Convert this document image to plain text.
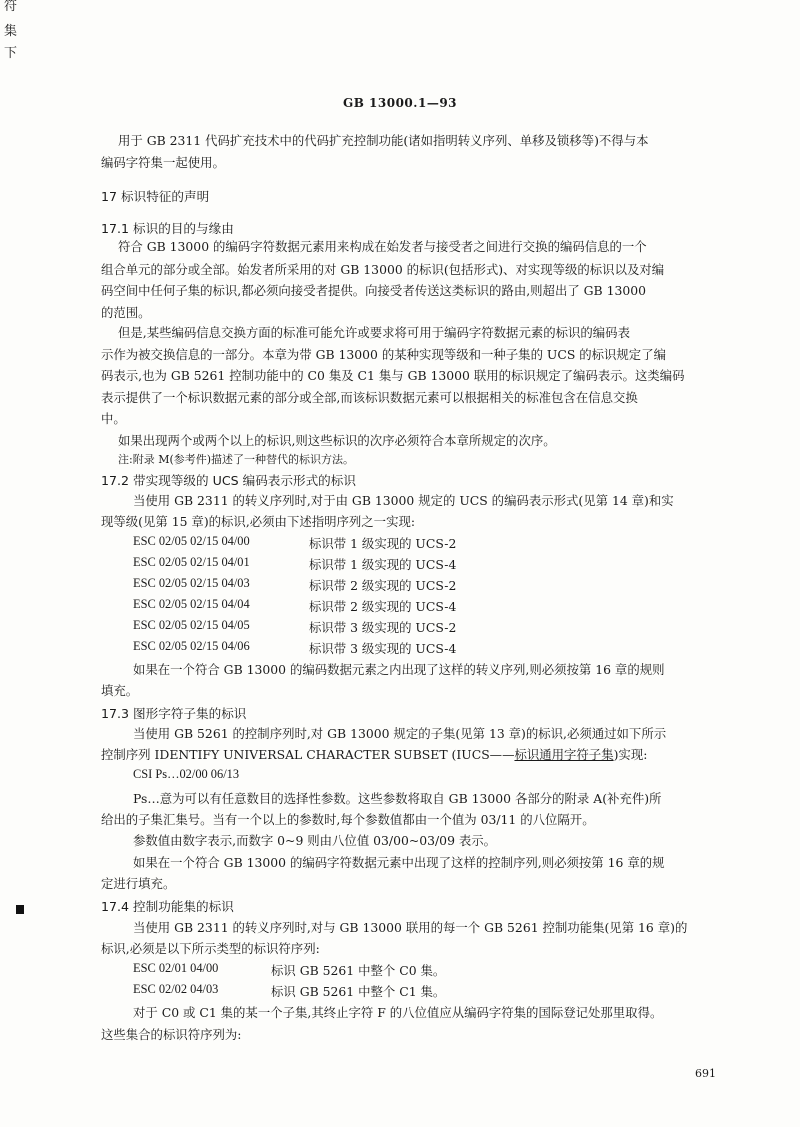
符
集
下
GB 13000.1—93
用于 GB 2311 代码扩充技术中的代码扩充控制功能(诸如指明转义序列、单移及锁移等)不得与本
编码字符集一起使用。
17 标识特征的声明
17.1 标识的目的与缘由
符合 GB 13000 的编码字符数据元素用来构成在始发者与接受者之间进行交换的编码信息的一个
组合单元的部分或全部。始发者所采用的对 GB 13000 的标识(包括形式)、对实现等级的标识以及对编
码空间中任何子集的标识,都必须向接受者提供。向接受者传送这类标识的路由,则超出了 GB 13000
的范围。
但是,某些编码信息交换方面的标准可能允许或要求将可用于编码字符数据元素的标识的编码表
示作为被交换信息的一部分。本章为带 GB 13000 的某种实现等级和一种子集的 UCS 的标识规定了编
码表示,也为 GB 5261 控制功能中的 C0 集及 C1 集与 GB 13000 联用的标识规定了编码表示。这类编码
表示提供了一个标识数据元素的部分或全部,而该标识数据元素可以根据相关的标准包含在信息交换
中。
如果出现两个或两个以上的标识,则这些标识的次序必须符合本章所规定的次序。
注:附录 M(参考件)描述了一种替代的标识方法。
17.2 带实现等级的 UCS 编码表示形式的标识
当使用 GB 2311 的转义序列时,对于由 GB 13000 规定的 UCS 的编码表示形式(见第 14 章)和实
现等级(见第 15 章)的标识,必须由下述指明序列之一实现:
ESC 02/05 02/15 04/00	标识带 1 级实现的 UCS-2
ESC 02/05 02/15 04/01	标识带 1 级实现的 UCS-4
ESC 02/05 02/15 04/03	标识带 2 级实现的 UCS-2
ESC 02/05 02/15 04/04	标识带 2 级实现的 UCS-4
ESC 02/05 02/15 04/05	标识带 3 级实现的 UCS-2
ESC 02/05 02/15 04/06	标识带 3 级实现的 UCS-4
如果在一个符合 GB 13000 的编码数据元素之内出现了这样的转义序列,则必须按第 16 章的规则
填充。
17.3 图形字符子集的标识
当使用 GB 5261 的控制序列时,对 GB 13000 规定的子集(见第 13 章)的标识,必须通过如下所示
控制序列 IDENTIFY UNIVERSAL CHARACTER SUBSET (IUCS——标识通用字符子集)实现:
CSI Ps…02/00 06/13
Ps…意为可以有任意数目的选择性参数。这些参数将取自 GB 13000 各部分的附录 A(补充件)所
给出的子集汇集号。当有一个以上的参数时,每个参数值都由一个值为 03/11 的八位隔开。
参数值由数字表示,而数字 0~9 则由八位值 03/00~03/09 表示。
如果在一个符合 GB 13000 的编码字符数据元素中出现了这样的控制序列,则必须按第 16 章的规
定进行填充。
17.4 控制功能集的标识
当使用 GB 2311 的转义序列时,对与 GB 13000 联用的每一个 GB 5261 控制功能集(见第 16 章)的
标识,必须是以下所示类型的标识符序列:
ESC 02/01 04/00	标识 GB 5261 中整个 C0 集。
ESC 02/02 04/03	标识 GB 5261 中整个 C1 集。
对于 C0 或 C1 集的某一个子集,其终止字符 F 的八位值应从编码字符集的国际登记处那里取得。
这些集合的标识符序列为:
691
